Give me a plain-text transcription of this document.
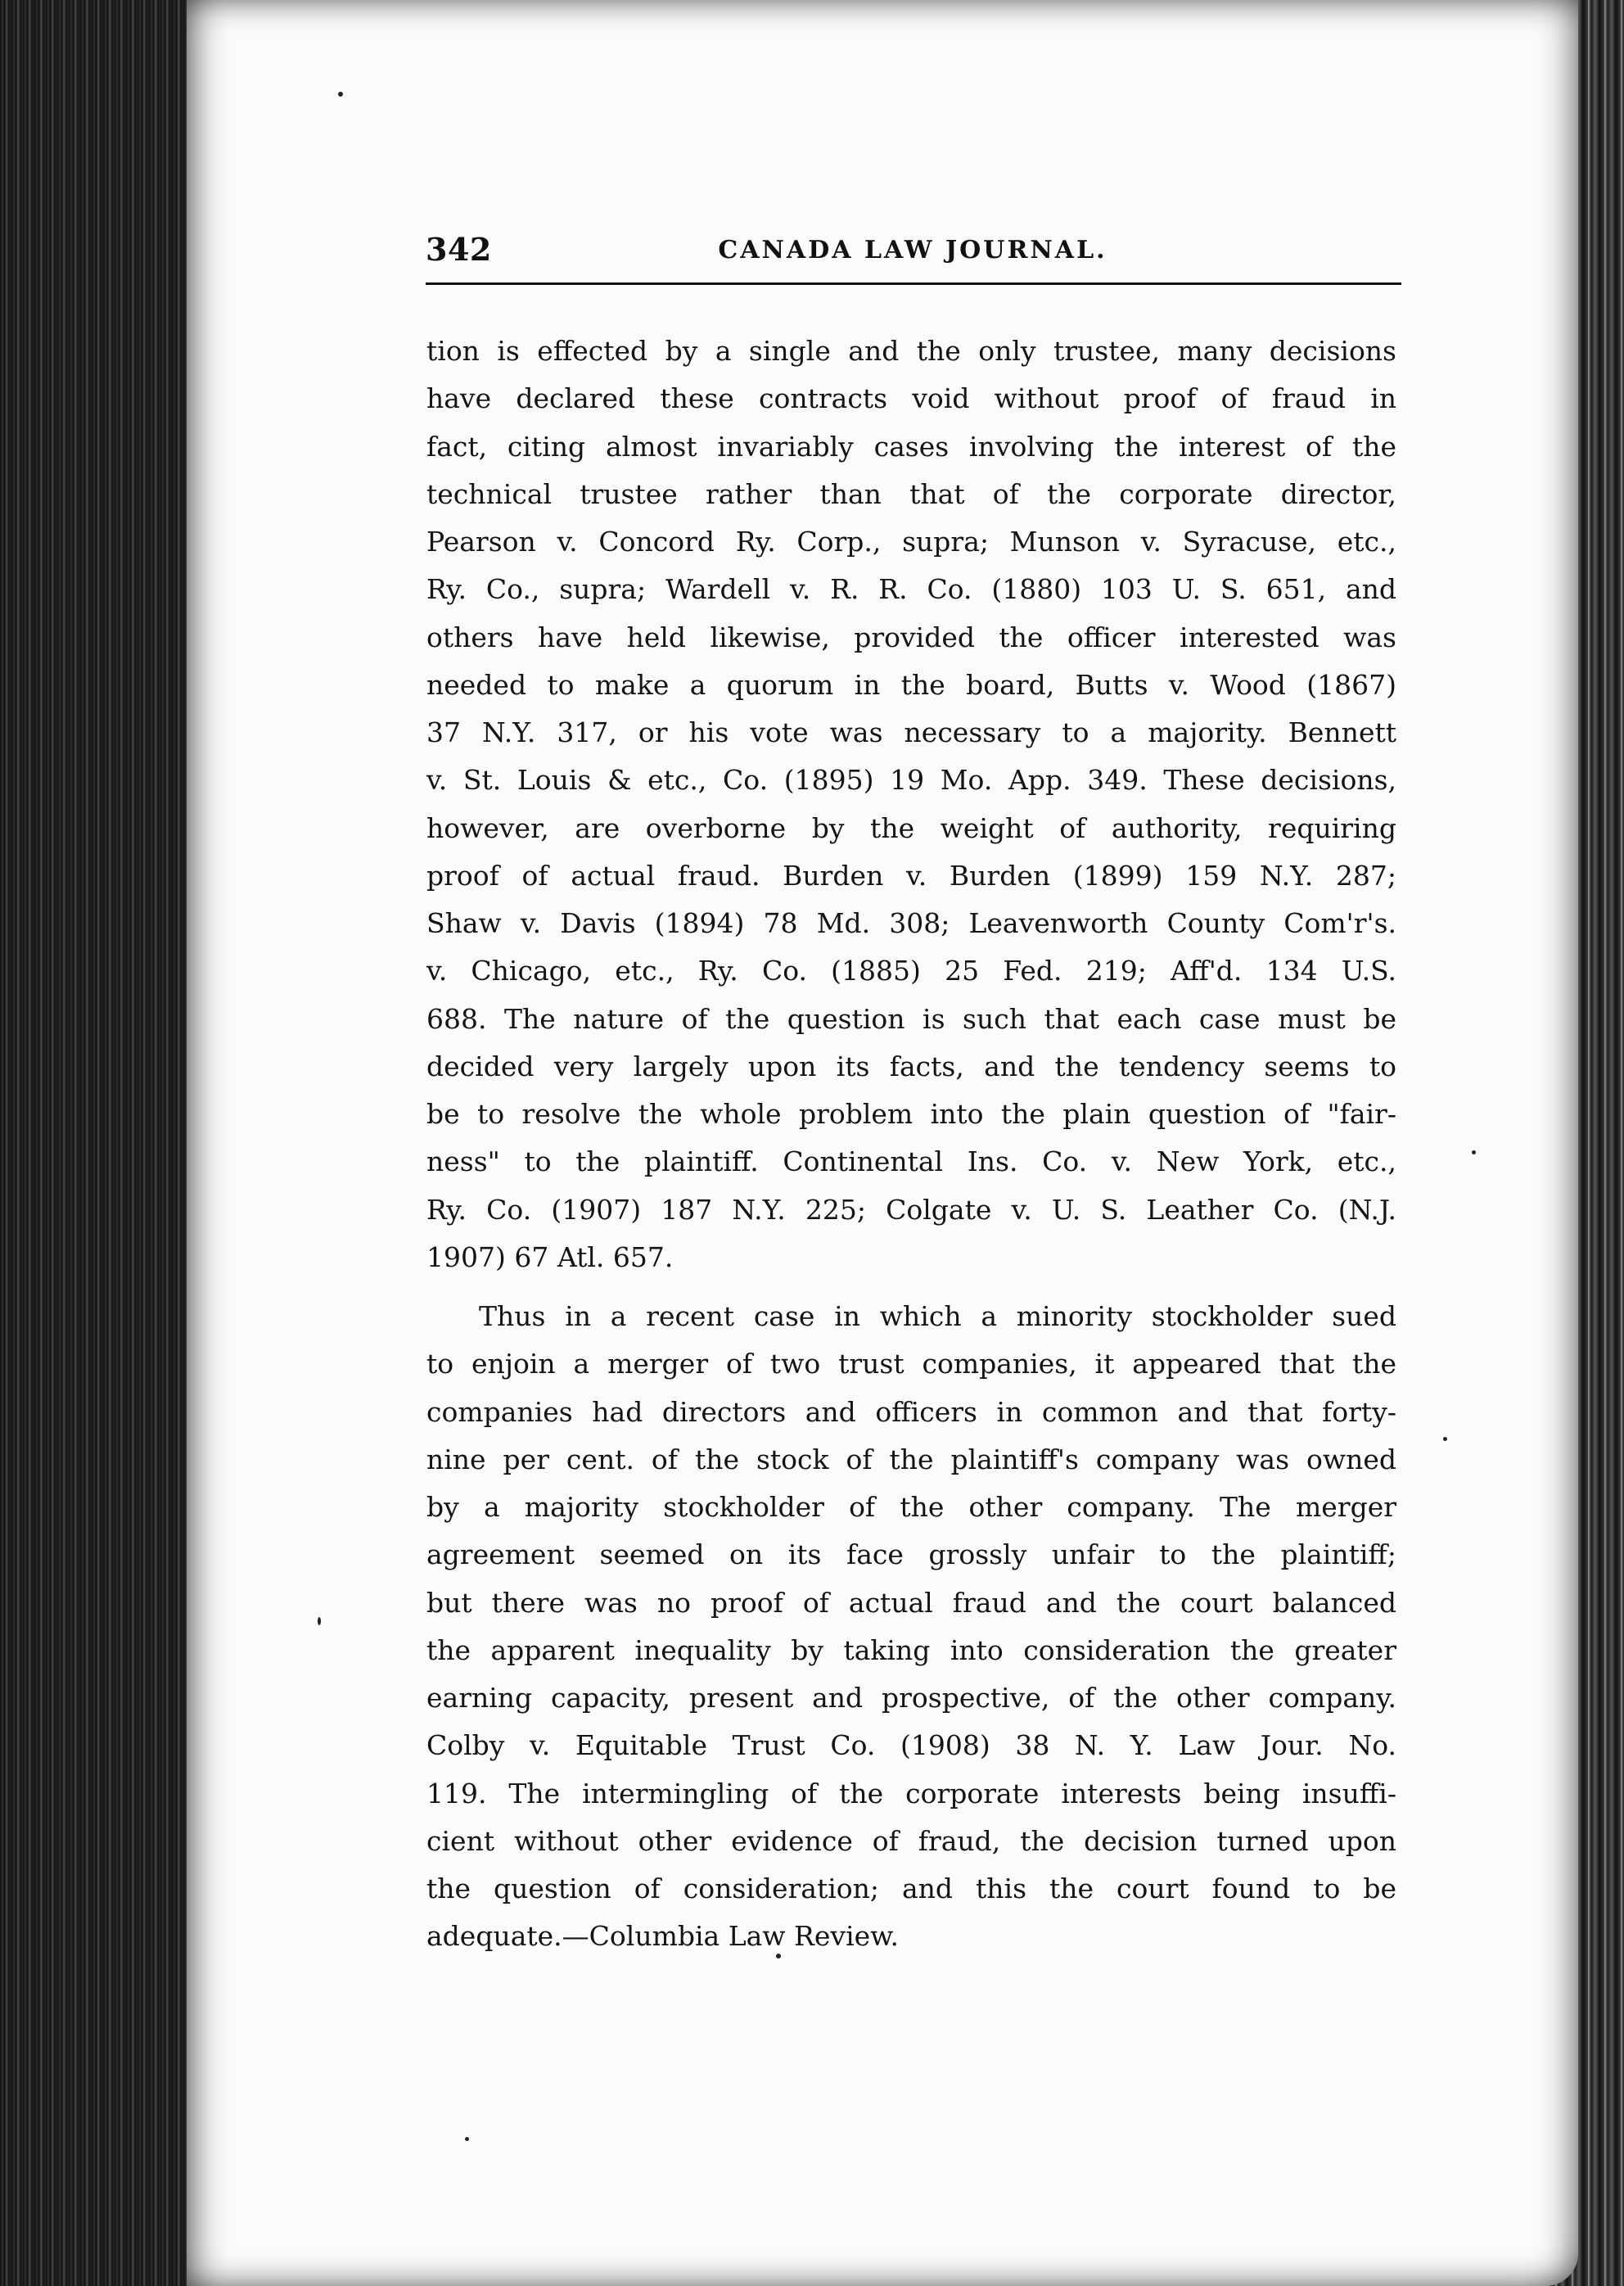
342	CANADA LAW JOURNAL.
tion is effected by a single and the only trustee, many decisions
have declared these contracts void without proof of fraud in
fact, citing almost invariably cases involving the interest of the
technical trustee rather than that of the corporate director,
Pearson v. Concord Ry. Corp., supra; Munson v. Syracuse, etc.,
Ry. Co., supra; Wardell v. R. R. Co. (1880) 103 U. S. 651, and
others have held likewise, provided the officer interested was
needed to make a quorum in the board, Butts v. Wood (1867)
37 N.Y. 317, or his vote was necessary to a majority. Bennett
v. St. Louis & etc., Co. (1895) 19 Mo. App. 349. These decisions,
however, are overborne by the weight of authority, requiring
proof of actual fraud. Burden v. Burden (1899) 159 N.Y. 287;
Shaw v. Davis (1894) 78 Md. 308; Leavenworth County Com'r's.
v. Chicago, etc., Ry. Co. (1885) 25 Fed. 219; Aff'd. 134 U.S.
688. The nature of the question is such that each case must be
decided very largely upon its facts, and the tendency seems to
be to resolve the whole problem into the plain question of "fair-
ness" to the plaintiff. Continental Ins. Co. v. New York, etc.,
Ry. Co. (1907) 187 N.Y. 225; Colgate v. U. S. Leather Co. (N.J.
1907) 67 Atl. 657.
Thus in a recent case in which a minority stockholder sued
to enjoin a merger of two trust companies, it appeared that the
companies had directors and officers in common and that forty-
nine per cent. of the stock of the plaintiff's company was owned
by a majority stockholder of the other company. The merger
agreement seemed on its face grossly unfair to the plaintiff;
but there was no proof of actual fraud and the court balanced
the apparent inequality by taking into consideration the greater
earning capacity, present and prospective, of the other company.
Colby v. Equitable Trust Co. (1908) 38 N. Y. Law Jour. No.
119. The intermingling of the corporate interests being insuffi-
cient without other evidence of fraud, the decision turned upon
the question of consideration; and this the court found to be
adequate.—Columbia Law Review.
